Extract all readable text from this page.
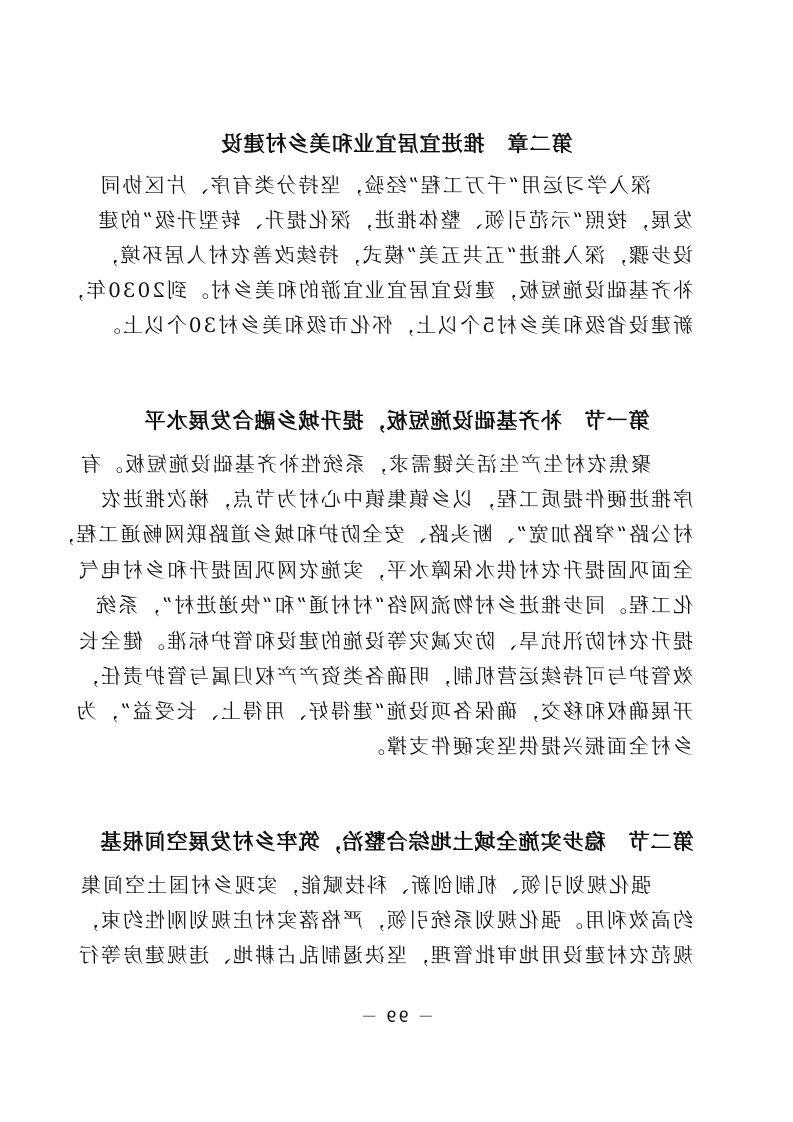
第二章　推进宜居宜业和美乡村建设
深入学习运用“千万工程”经验，坚持分类有序、片区协同
发展，按照“示范引领、整体推进，深化提升、转型升级”的建
设步骤，深入推进“五共五美”模式，持续改善农村人居环境，
补齐基础设施短板，建设宜居宜业宜游的和美乡村。到2030年，
新建设省级和美乡村5个以上，怀化市级和美乡村30个以上。
第一节　补齐基础设施短板，提升城乡融合发展水平
聚焦农村生产生活关键需求，系统性补齐基础设施短板。有
序推进硬件提质工程，以乡镇集镇中心村为节点，梯次推进农
村公路“窄路加宽”、断头路、安全防护和城乡道路联网畅通工程，
全面巩固提升农村供水保障水平，实施农网巩固提升和乡村电气
化工程。同步推进乡村物流网络“村村通”和“快递进村”，系统
提升农村防汛抗旱、防灾减灾等设施的建设和管护标准。健全长
效管护与可持续运营机制，明确各类资产产权归属与管护责任，
开展确权和移交，确保各项设施“建得好、用得上、长受益”，为
乡村全面振兴提供坚实硬件支撑。
第二节　稳步实施全域土地综合整治，筑牢乡村发展空间根基
强化规划引领、机制创新、科技赋能，实现乡村国土空间集
约高效利用。强化规划系统引领，严格落实村庄规划刚性约束，
规范农村建设用地审批管理，坚决遏制乱占耕地、违规建房等行
－ 99 －
